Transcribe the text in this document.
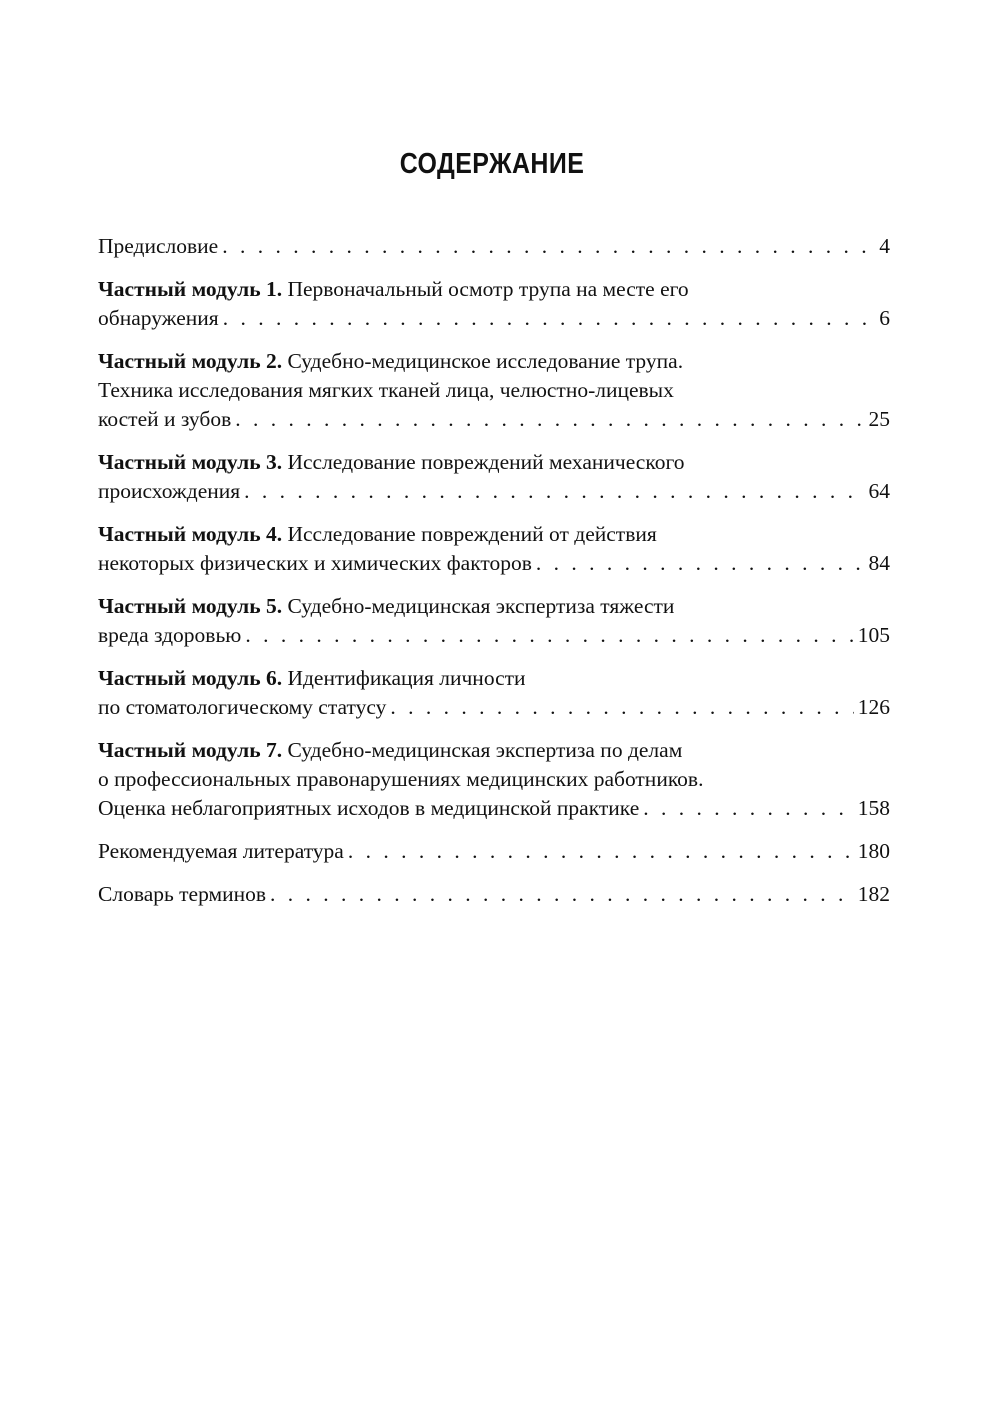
СОДЕРЖАНИЕ
Предисловие . . .	4
Частный модуль 1. Первоначальный осмотр трупа на месте его
обнаружения . . .	6
Частный модуль 2. Судебно-медицинское исследование трупа.
Техника исследования мягких тканей лица, челюстно-лицевых
костей и зубов . . .	25
Частный модуль 3. Исследование повреждений механического
происхождения . . .	64
Частный модуль 4. Исследование повреждений от действия
некоторых физических и химических факторов . . .	84
Частный модуль 5. Судебно-медицинская экспертиза тяжести
вреда здоровью . . .	105
Частный модуль 6. Идентификация личности
по стоматологическому статусу . . .	126
Частный модуль 7. Судебно-медицинская экспертиза по делам
о профессиональных правонарушениях медицинских работников.
Оценка неблагоприятных исходов в медицинской практике . . .	158
Рекомендуемая литература . . .	180
Словарь терминов . . .	182
